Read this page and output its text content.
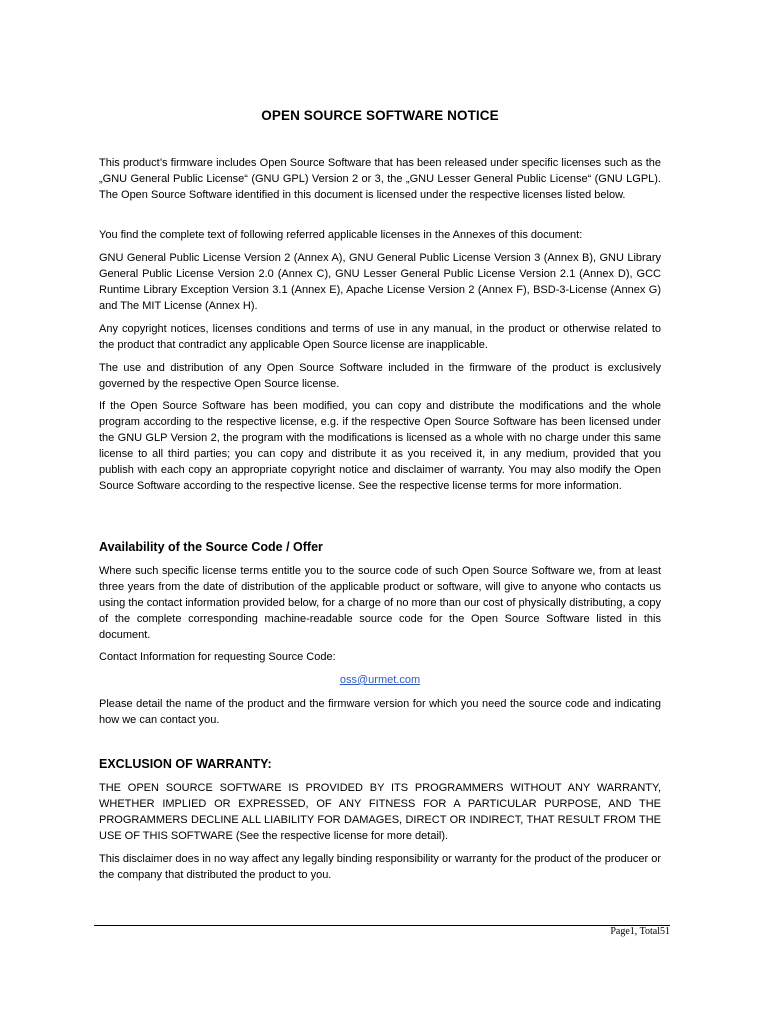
OPEN SOURCE SOFTWARE NOTICE

This product’s firmware includes Open Source Software that has been released under specific licenses such as the „GNU General Public License“ (GNU GPL) Version 2 or 3, the „GNU Lesser General Public License“ (GNU LGPL). The Open Source Software identified in this document is licensed under the respective licenses listed below.

You find the complete text of following referred applicable licenses in the Annexes of this document:

GNU General Public License Version 2 (Annex A), GNU General Public License Version 3 (Annex B), GNU Library General Public License Version 2.0 (Annex C), GNU Lesser General Public License Version 2.1 (Annex D), GCC Runtime Library Exception Version 3.1 (Annex E), Apache License Version 2 (Annex F), BSD-3-License (Annex G) and The MIT License (Annex H).

Any copyright notices, licenses conditions and terms of use in any manual, in the product or otherwise related to the product that contradict any applicable Open Source license are inapplicable.

The use and distribution of any Open Source Software included in the firmware of the product is exclusively governed by the respective Open Source license.

If the Open Source Software has been modified, you can copy and distribute the modifications and the whole program according to the respective license, e.g. if the respective Open Source Software has been licensed under the GNU GLP Version 2, the program with the modifications is licensed as a whole with no charge under this same license to all third parties; you can copy and distribute it as you received it, in any medium, provided that you publish with each copy an appropriate copyright notice and disclaimer of warranty. You may also modify the Open Source Software according to the respective license. See the respective license terms for more information.

Availability of the Source Code / Offer

Where such specific license terms entitle you to the source code of such Open Source Software we, from at least three years from the date of distribution of the applicable product or software, will give to anyone who contacts us using the contact information provided below, for a charge of no more than our cost of physically distributing, a copy of the complete corresponding machine-readable source code for the Open Source Software listed in this document.

Contact Information for requesting Source Code:

oss@urmet.com

Please detail the name of the product and the firmware version for which you need the source code and indicating how we can contact you.

EXCLUSION OF WARRANTY:

THE OPEN SOURCE SOFTWARE IS PROVIDED BY ITS PROGRAMMERS WITHOUT ANY WARRANTY, WHETHER IMPLIED OR EXPRESSED, OF ANY FITNESS FOR A PARTICULAR PURPOSE, AND THE PROGRAMMERS DECLINE ALL LIABILITY FOR DAMAGES, DIRECT OR INDIRECT, THAT RESULT FROM THE USE OF THIS SOFTWARE (See the respective license for more detail).

This disclaimer does in no way affect any legally binding responsibility or warranty for the product of the producer or the company that distributed the product to you.

Page1, Total51
